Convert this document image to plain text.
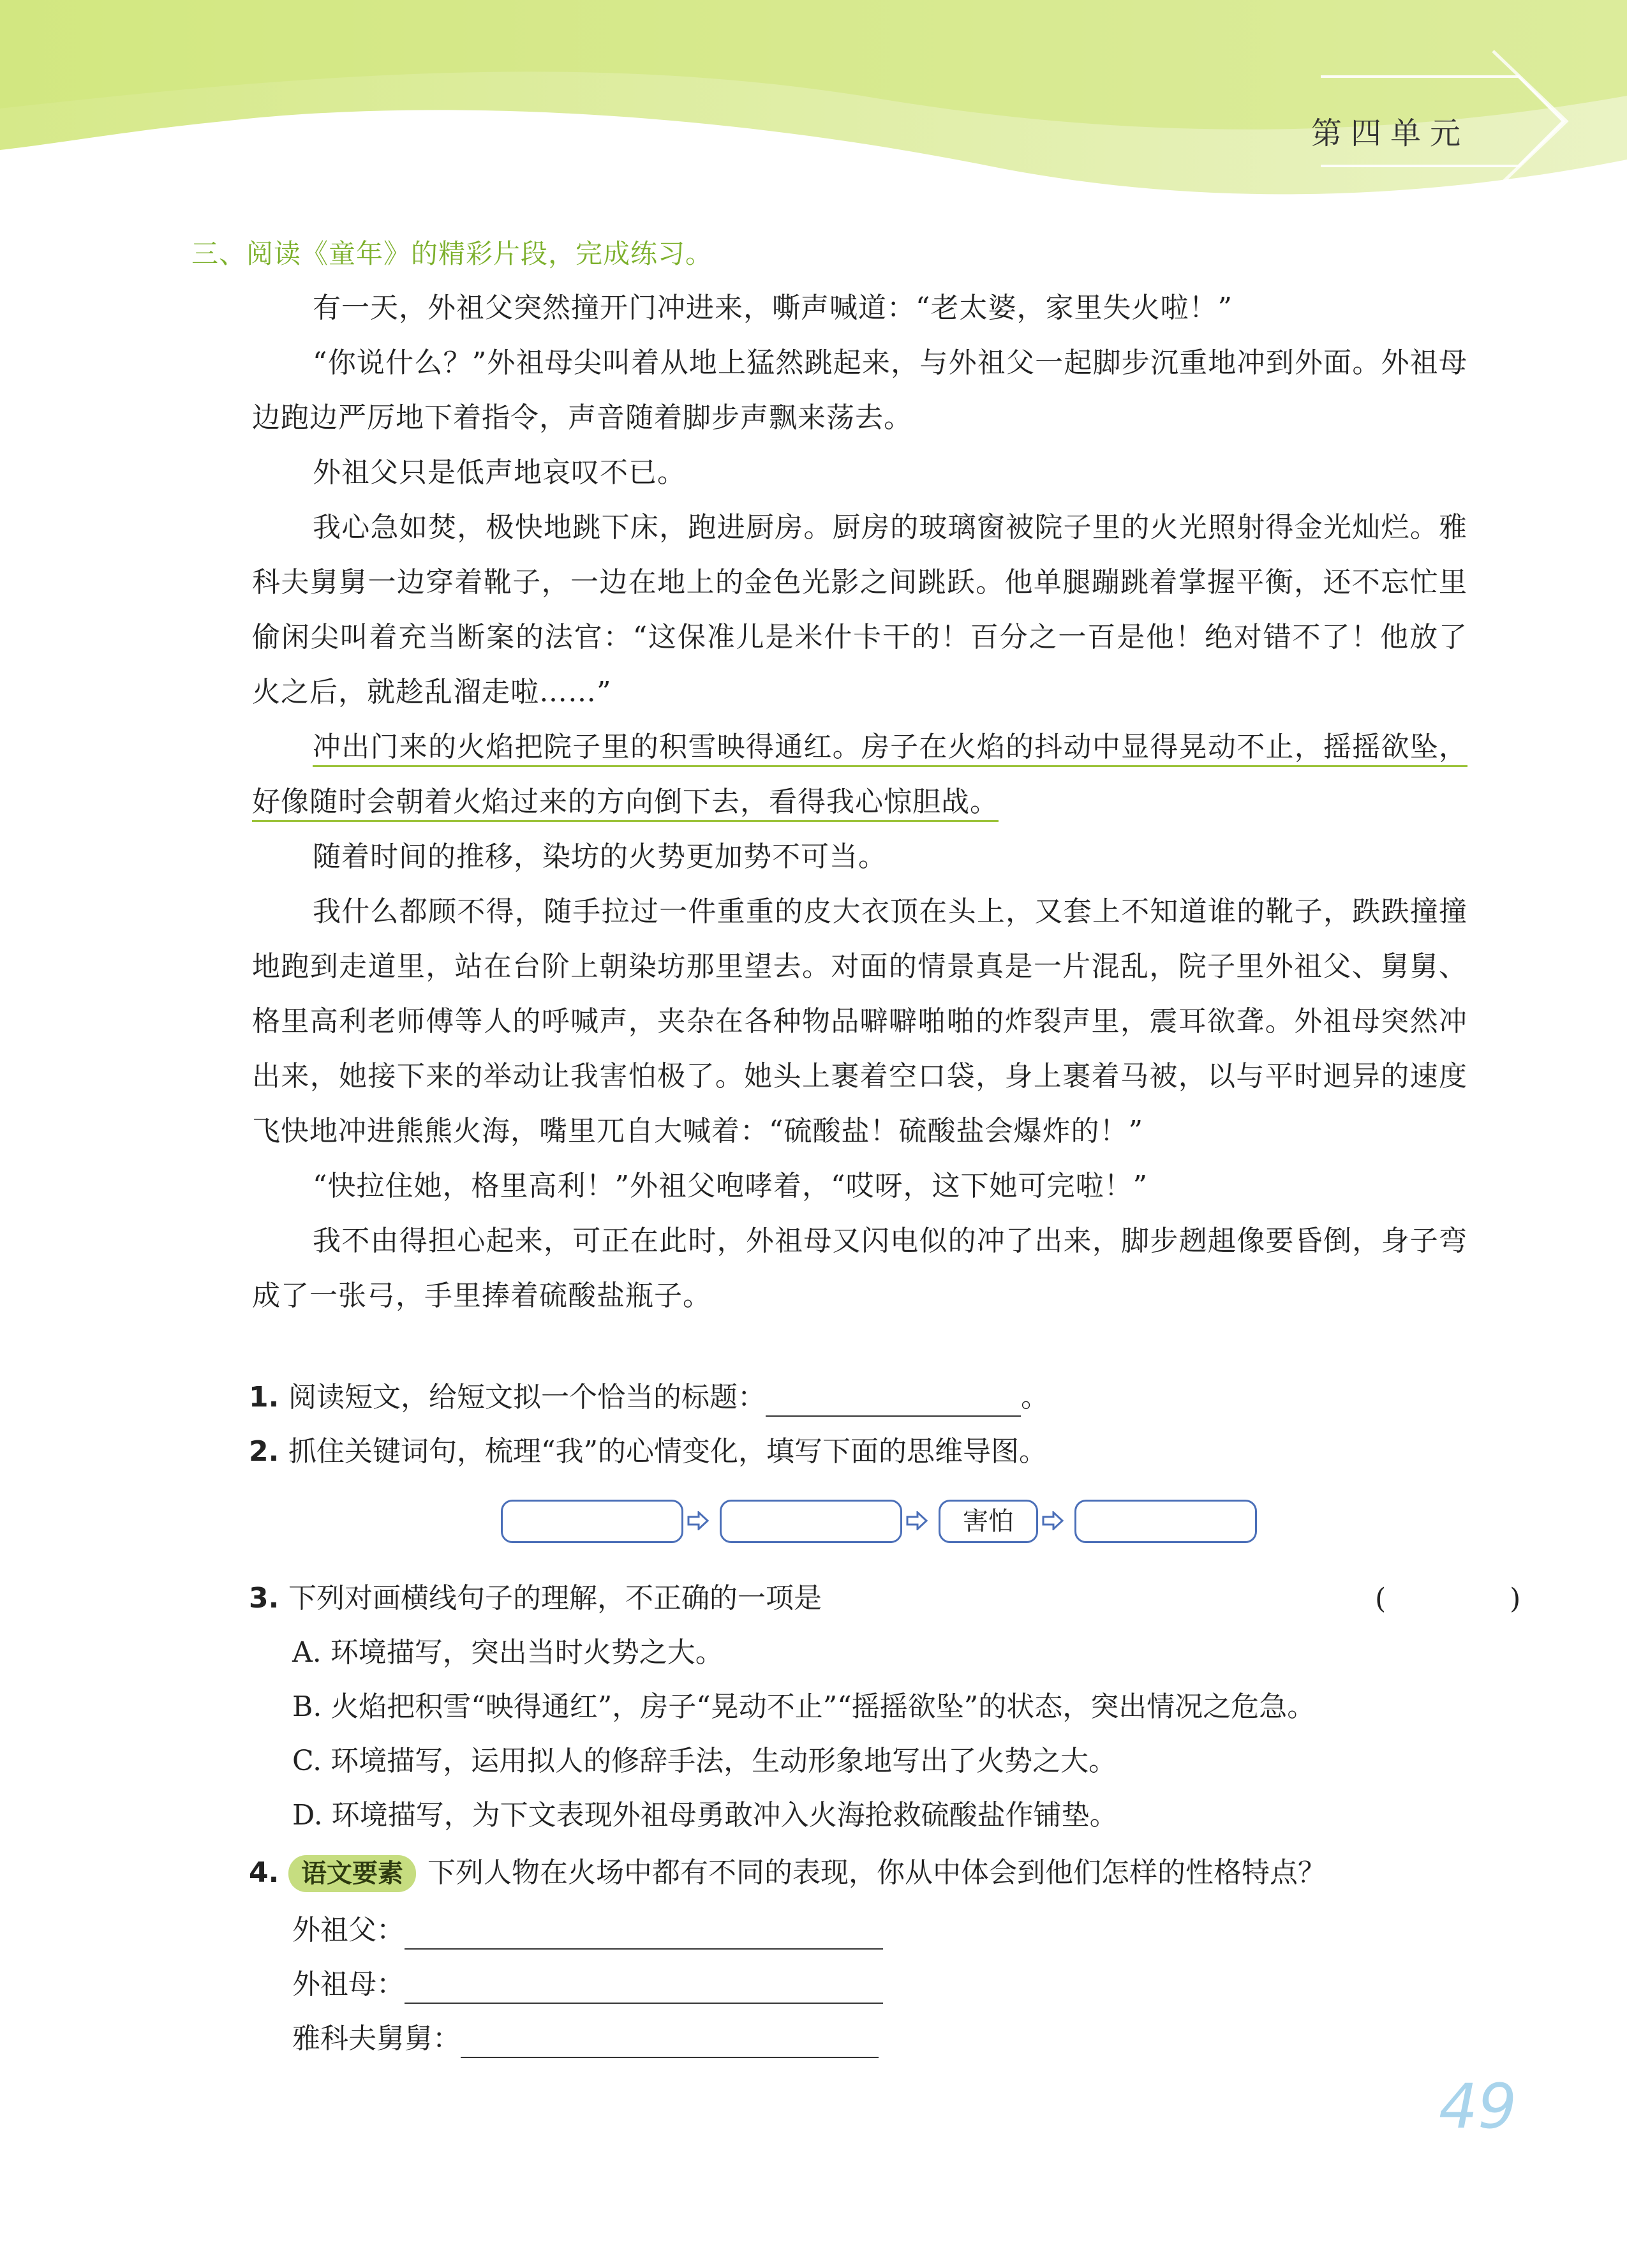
第四单元
三、阅读《童年》的精彩片段，完成练习。

有一天，外祖父突然撞开门冲进来，嘶声喊道：“老太婆，家里失火啦！”

“你说什么？”外祖母尖叫着从地上猛然跳起来，与外祖父一起脚步沉重地冲到外面。外祖母边跑边严厉地下着指令，声音随着脚步声飘来荡去。

外祖父只是低声地哀叹不已。

我心急如焚，极快地跳下床，跑进厨房。厨房的玻璃窗被院子里的火光照射得金光灿烂。雅科夫舅舅一边穿着靴子，一边在地上的金色光影之间跳跃。他单腿蹦跳着掌握平衡，还不忘忙里偷闲尖叫着充当断案的法官：“这保准儿是米什卡干的！百分之一百是他！绝对错不了！他放了火之后，就趁乱溜走啦……”

冲出门来的火焰把院子里的积雪映得通红。房子在火焰的抖动中显得晃动不止，摇摇欲坠，好像随时会朝着火焰过来的方向倒下去，看得我心惊胆战。

随着时间的推移，染坊的火势更加势不可当。

我什么都顾不得，随手拉过一件重重的皮大衣顶在头上，又套上不知道谁的靴子，跌跌撞撞地跑到走道里，站在台阶上朝染坊那里望去。对面的情景真是一片混乱，院子里外祖父、舅舅、格里高利老师傅等人的呼喊声，夹杂在各种物品噼噼啪啪的炸裂声里，震耳欲聋。外祖母突然冲出来，她接下来的举动让我害怕极了。她头上裹着空口袋，身上裹着马被，以与平时迥异的速度飞快地冲进熊熊火海，嘴里兀自大喊着：“硫酸盐！硫酸盐会爆炸的！”

“快拉住她，格里高利！”外祖父咆哮着，“哎呀，这下她可完啦！”

我不由得担心起来，可正在此时，外祖母又闪电似的冲了出来，脚步趔趄像要昏倒，身子弯成了一张弓，手里捧着硫酸盐瓶子。

1. 阅读短文，给短文拟一个恰当的标题：	。
2. 抓住关键词句，梳理“我”的心情变化，填写下面的思维导图。
害怕
3. 下列对画横线句子的理解，不正确的一项是	( )
A. 环境描写，突出当时火势之大。
B. 火焰把积雪“映得通红”，房子“晃动不止”“摇摇欲坠”的状态，突出情况之危急。
C. 环境描写，运用拟人的修辞手法，生动形象地写出了火势之大。
D. 环境描写，为下文表现外祖母勇敢冲入火海抢救硫酸盐作铺垫。
4. 语文要素 下列人物在火场中都有不同的表现，你从中体会到他们怎样的性格特点？
外祖父：
外祖母：
雅科夫舅舅：
49
